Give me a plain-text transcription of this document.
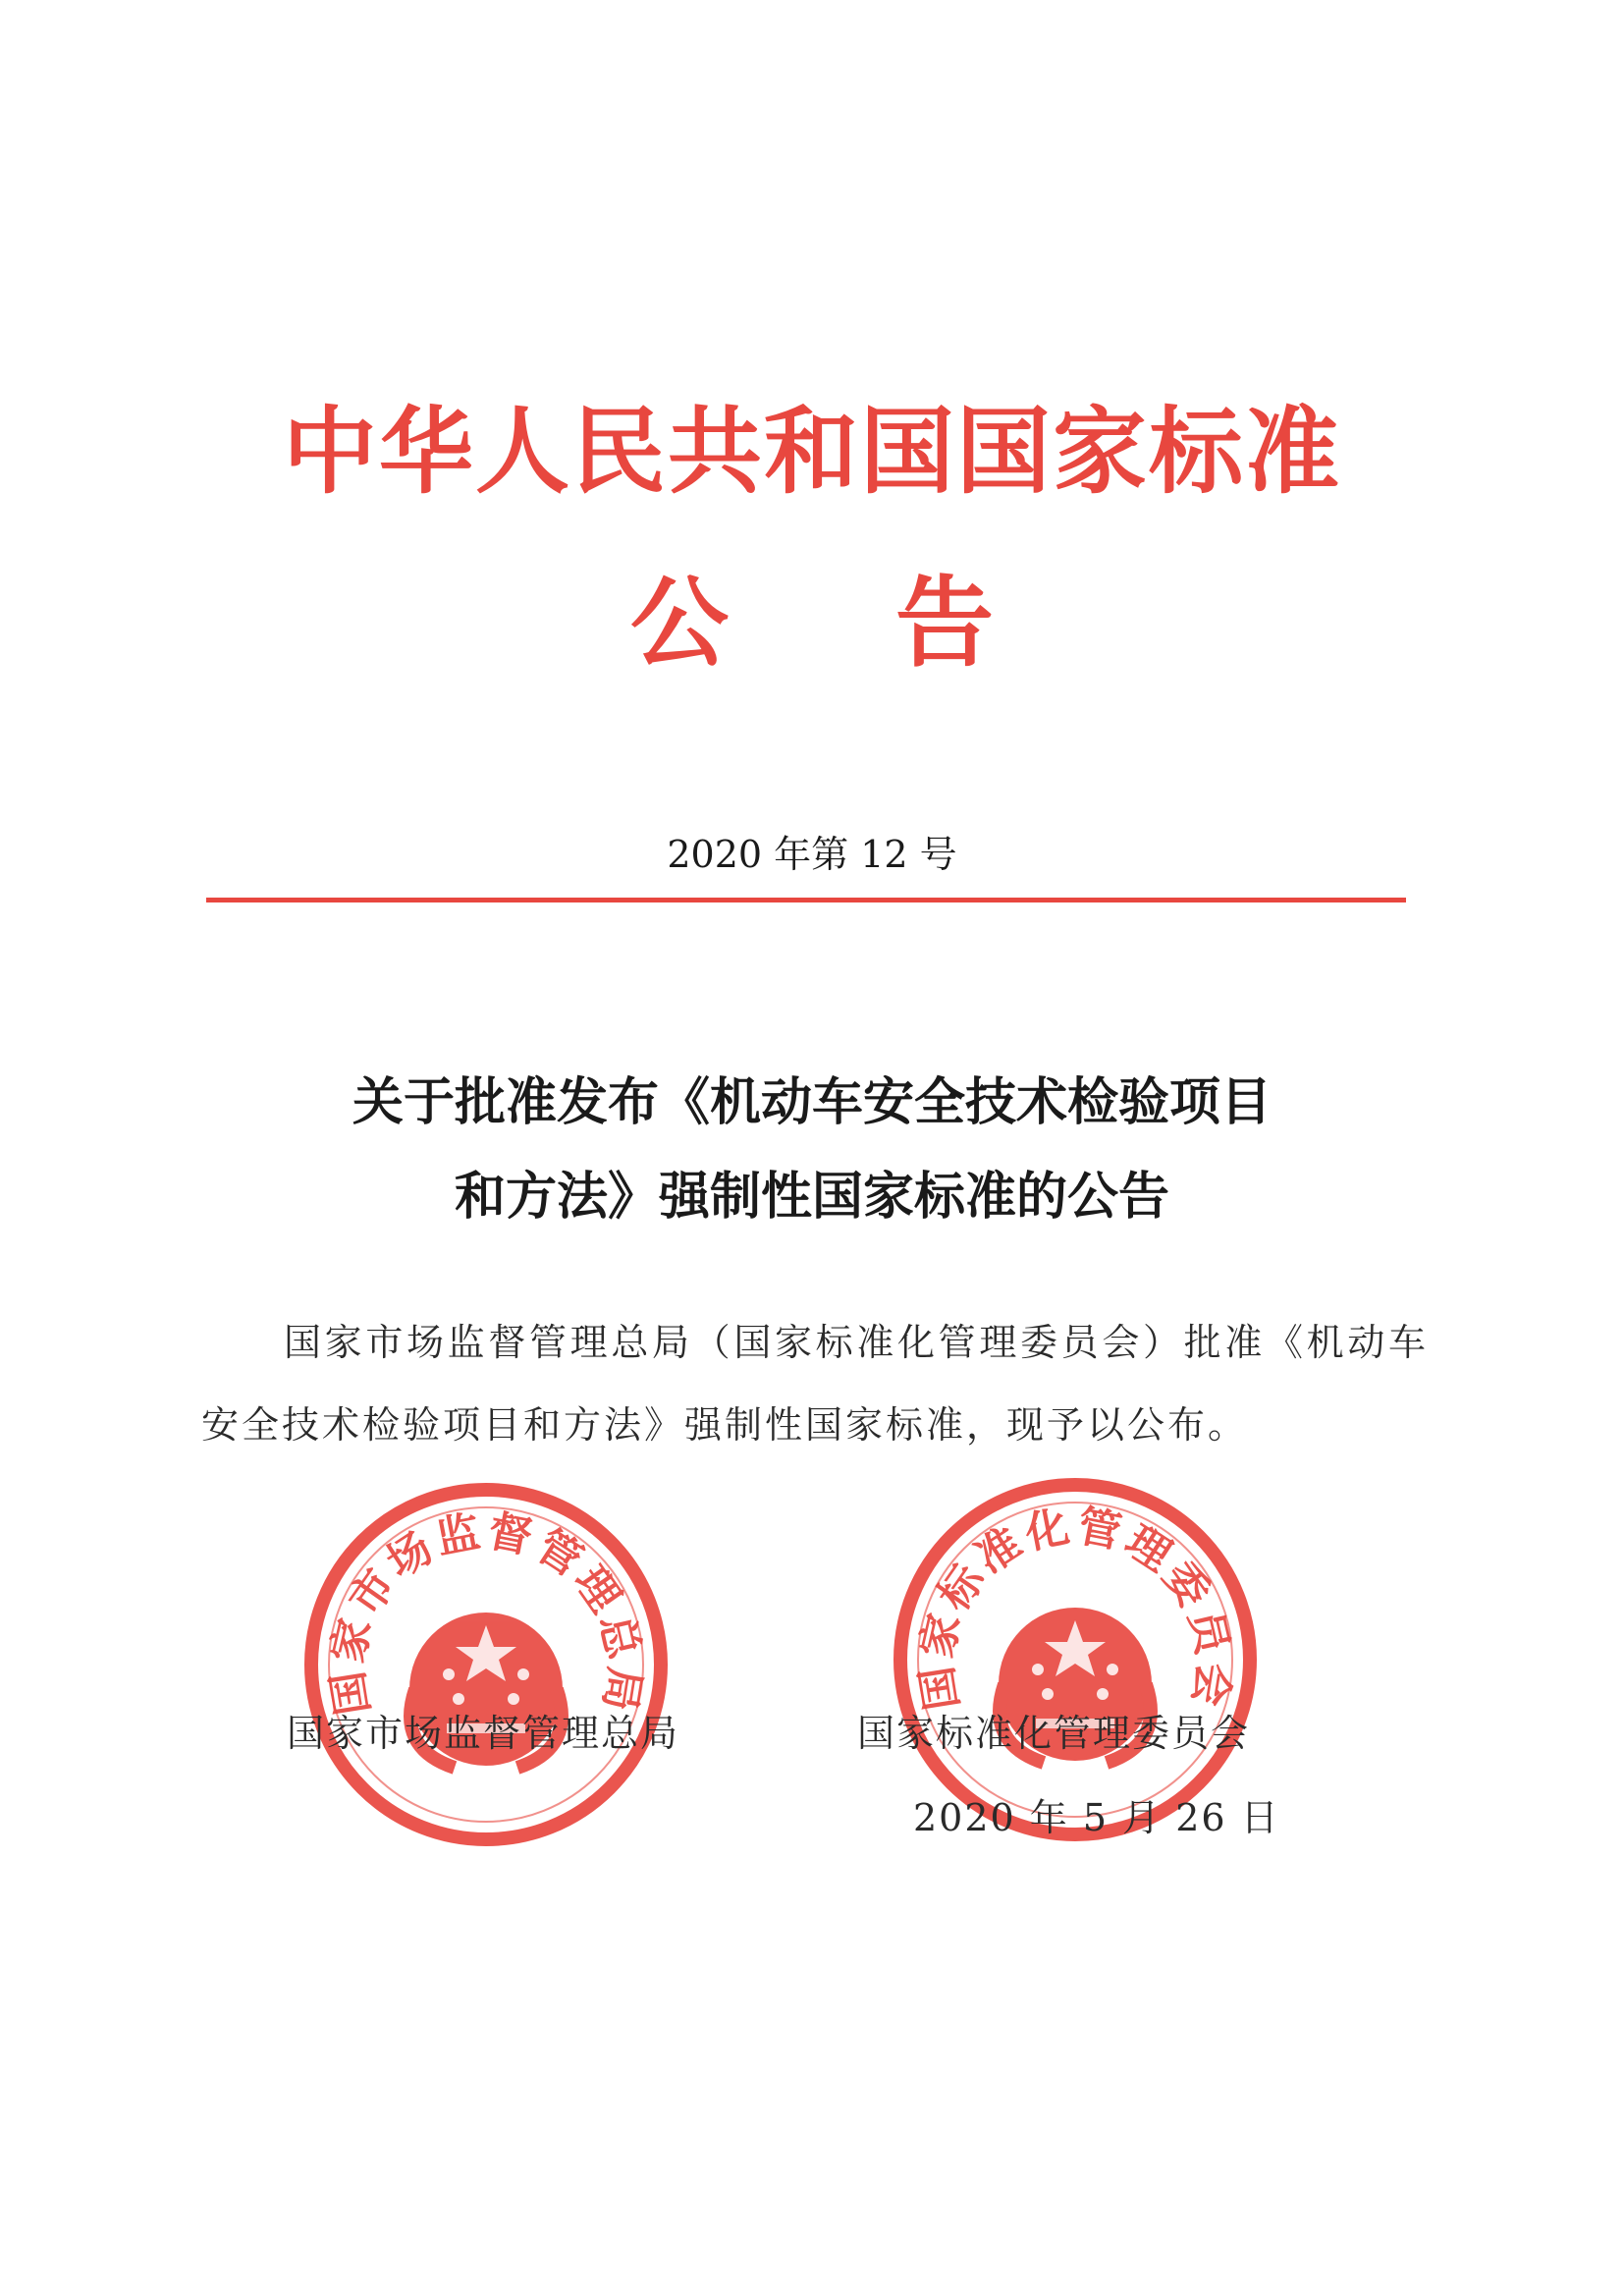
中华人民共和国国家标准
公告
2020 年第 12 号
关于批准发布《机动车安全技术检验项目
和方法》强制性国家标准的公告
国家市场监督管理总局（国家标准化管理委员会）批准《机动车安全技术检验项目和方法》强制性国家标准，现予以公布。
国家市场监督管理总局	国家标准化管理委员会
国家市场监督管理总局	国家标准化管理委员会
2020 年 5 月 26 日
